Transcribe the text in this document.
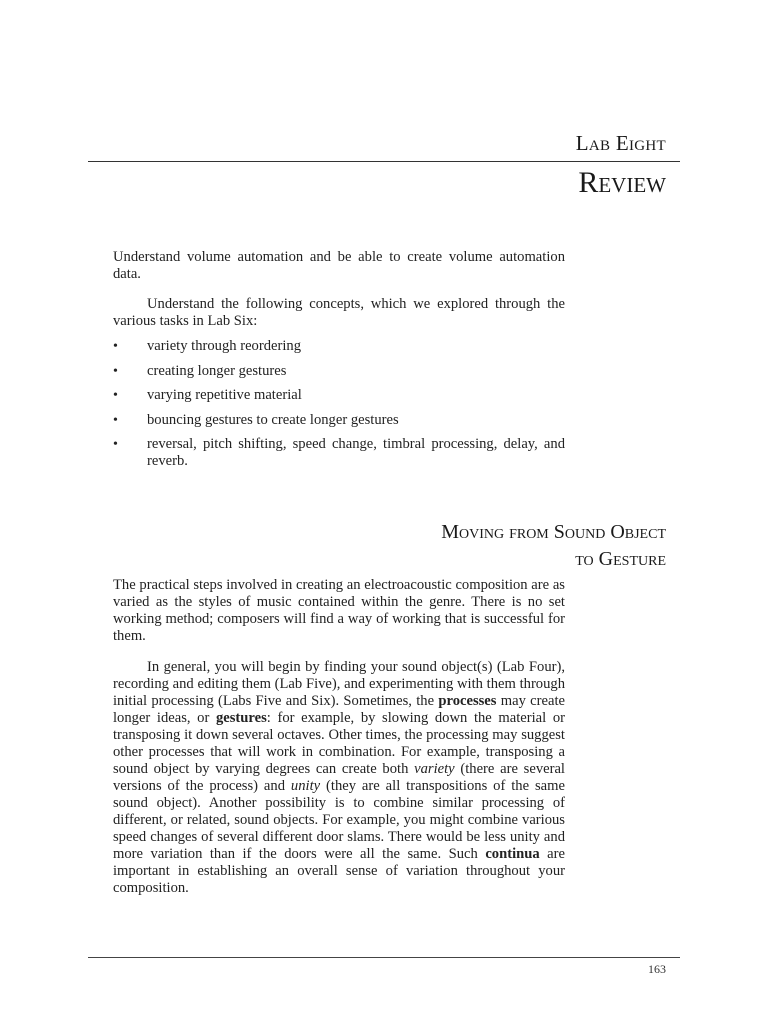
Lab Eight
Review

Understand volume automation and be able to create volume automation data.

Understand the following concepts, which we explored through the various tasks in Lab Six:

• variety through reordering
• creating longer gestures
• varying repetitive material
• bouncing gestures to create longer gestures
• reversal, pitch shifting, speed change, timbral processing, delay, and reverb.
Moving from Sound Object
to Gesture

The practical steps involved in creating an electroacoustic composition are as varied as the styles of music contained within the genre. There is no set working method; composers will find a way of working that is successful for them.

In general, you will begin by finding your sound object(s) (Lab Four), recording and editing them (Lab Five), and experimenting with them through initial processing (Labs Five and Six). Sometimes, the processes may create longer ideas, or gestures: for example, by slowing down the material or transposing it down several octaves. Other times, the processing may suggest other processes that will work in combination. For example, transposing a sound object by varying degrees can create both variety (there are several versions of the process) and unity (they are all transpositions of the same sound object). Another possibility is to combine similar processing of different, or related, sound objects. For example, you might combine various speed changes of several different door slams. There would be less unity and more variation than if the doors were all the same. Such continua are important in establishing an overall sense of variation throughout your composition.

163
